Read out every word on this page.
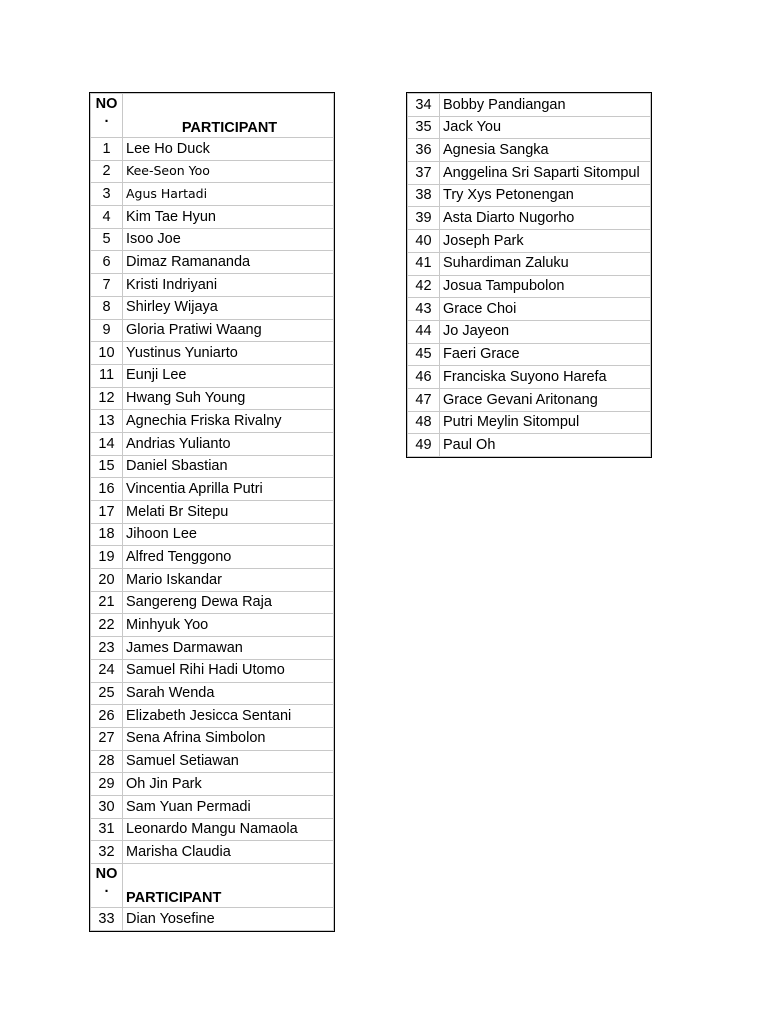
NO
.	PARTICIPANT
1	Lee Ho Duck
2	Kee-Seon Yoo
3	Agus Hartadi
4	Kim Tae Hyun
5	Isoo Joe
6	Dimaz Ramananda
7	Kristi Indriyani
8	Shirley Wijaya
9	Gloria Pratiwi Waang
10	Yustinus Yuniarto
11	Eunji Lee
12	Hwang Suh Young
13	Agnechia Friska Rivalny
14	Andrias Yulianto
15	Daniel Sbastian
16	Vincentia Aprilla Putri
17	Melati Br Sitepu
18	Jihoon Lee
19	Alfred Tenggono
20	Mario Iskandar
21	Sangereng Dewa Raja
22	Minhyuk Yoo
23	James Darmawan
24	Samuel Rihi Hadi Utomo
25	Sarah Wenda
26	Elizabeth Jesicca Sentani
27	Sena Afrina Simbolon
28	Samuel Setiawan
29	Oh Jin Park
30	Sam Yuan Permadi
31	Leonardo Mangu Namaola
32	Marisha Claudia

NO
.	PARTICIPANT
33	Dian Yosefine
34	Bobby Pandiangan
35	Jack You
36	Agnesia Sangka
37	Anggelina Sri Saparti Sitompul
38	Try Xys Petonengan
39	Asta Diarto Nugorho
40	Joseph Park
41	Suhardiman Zaluku
42	Josua Tampubolon
43	Grace Choi
44	Jo Jayeon
45	Faeri Grace
46	Franciska Suyono Harefa
47	Grace Gevani Aritonang
48	Putri Meylin Sitompul
49	Paul Oh
